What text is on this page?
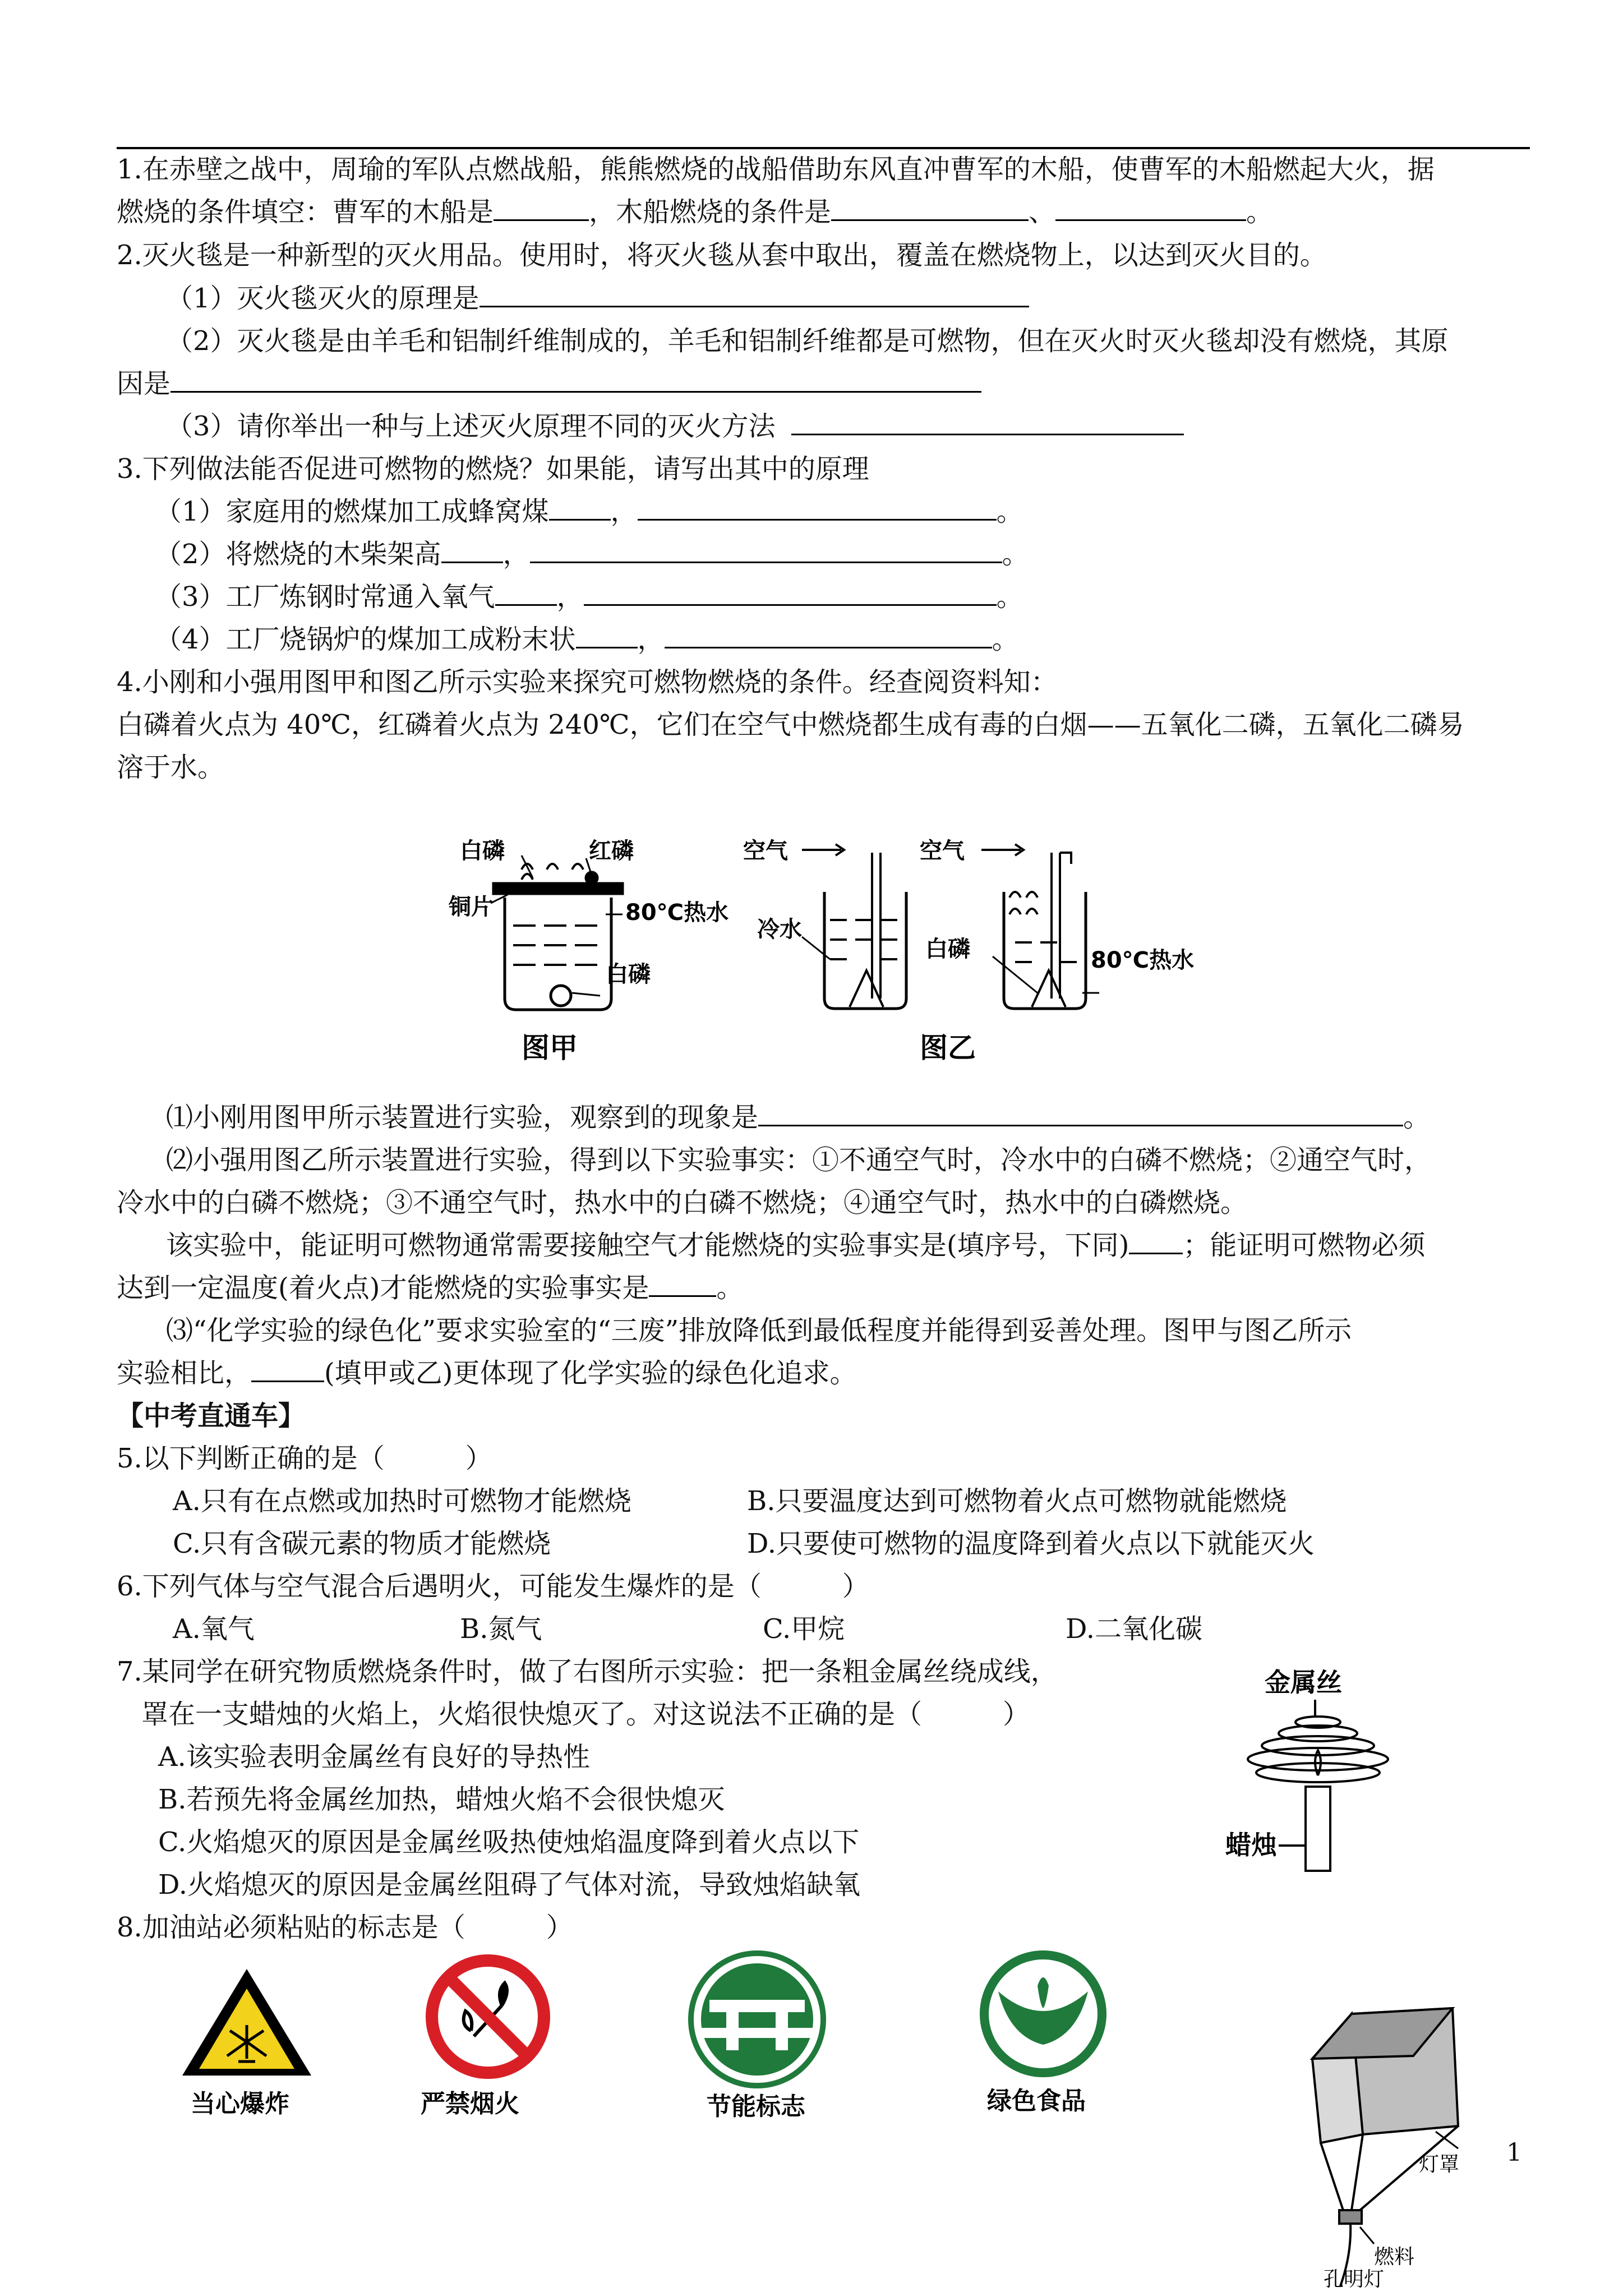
1.在赤壁之战中，周瑜的军队点燃战船，熊熊燃烧的战船借助东风直冲曹军的木船，使曹军的木船燃起大火，据
燃烧的条件填空：曹军的木船是	，木船燃烧的条件是	、	。
2.灭火毯是一种新型的灭火用品。使用时，将灭火毯从套中取出，覆盖在燃烧物上，以达到灭火目的。
（1）灭火毯灭火的原理是
（2）灭火毯是由羊毛和铝制纤维制成的，羊毛和铝制纤维都是可燃物，但在灭火时灭火毯却没有燃烧，其原
因是
（3）请你举出一种与上述灭火原理不同的灭火方法
3.下列做法能否促进可燃物的燃烧？如果能，请写出其中的原理
（1）家庭用的燃煤加工成蜂窝煤 ，	。
（2）将燃烧的木柴架高 ，	。
（3）工厂炼钢时常通入氧气 ，	。
（4）工厂烧锅炉的煤加工成粉末状 ，	。
4.小刚和小强用图甲和图乙所示实验来探究可燃物燃烧的条件。经查阅资料知：
白磷着火点为 40℃，红磷着火点为 240℃，它们在空气中燃烧都生成有毒的白烟——五氧化二磷，五氧化二磷易
溶于水。
白磷	红磷
铜片	80℃热水
白磷
图甲
空气	空气
冷水
白磷	80℃热水
图乙
⑴小刚用图甲所示装置进行实验，观察到的现象是	。
⑵小强用图乙所示装置进行实验，得到以下实验事实：①不通空气时，冷水中的白磷不燃烧；②通空气时，
冷水中的白磷不燃烧；③不通空气时，热水中的白磷不燃烧；④通空气时，热水中的白磷燃烧。
该实验中，能证明可燃物通常需要接触空气才能燃烧的实验事实是(填序号，下同) ；能证明可燃物必须
达到一定温度(着火点)才能燃烧的实验事实是	。
⑶“化学实验的绿色化”要求实验室的“三废”排放降低到最低程度并能得到妥善处理。图甲与图乙所示
实验相比，	(填甲或乙)更体现了化学实验的绿色化追求。
【中考直通车】
5.以下判断正确的是（　　　）
A.只有在点燃或加热时可燃物才能燃烧	B.只要温度达到可燃物着火点可燃物就能燃烧
C.只有含碳元素的物质才能燃烧	D.只要使可燃物的温度降到着火点以下就能灭火
6.下列气体与空气混合后遇明火，可能发生爆炸的是（　　　）
A.氧气	B.氮气	C.甲烷	D.二氧化碳
7.某同学在研究物质燃烧条件时，做了右图所示实验：把一条粗金属丝绕成线，
罩在一支蜡烛的火焰上，火焰很快熄灭了。对这说法不正确的是（　　　）
A.该实验表明金属丝有良好的导热性
B.若预先将金属丝加热，蜡烛火焰不会很快熄灭
C.火焰熄灭的原因是金属丝吸热使烛焰温度降到着火点以下
D.火焰熄灭的原因是金属丝阻碍了气体对流，导致烛焰缺氧
金属丝
蜡烛
8.加油站必须粘贴的标志是（　　　）
当心爆炸	严禁烟火	节能标志	绿色食品
灯罩
燃料
孔明灯
1
